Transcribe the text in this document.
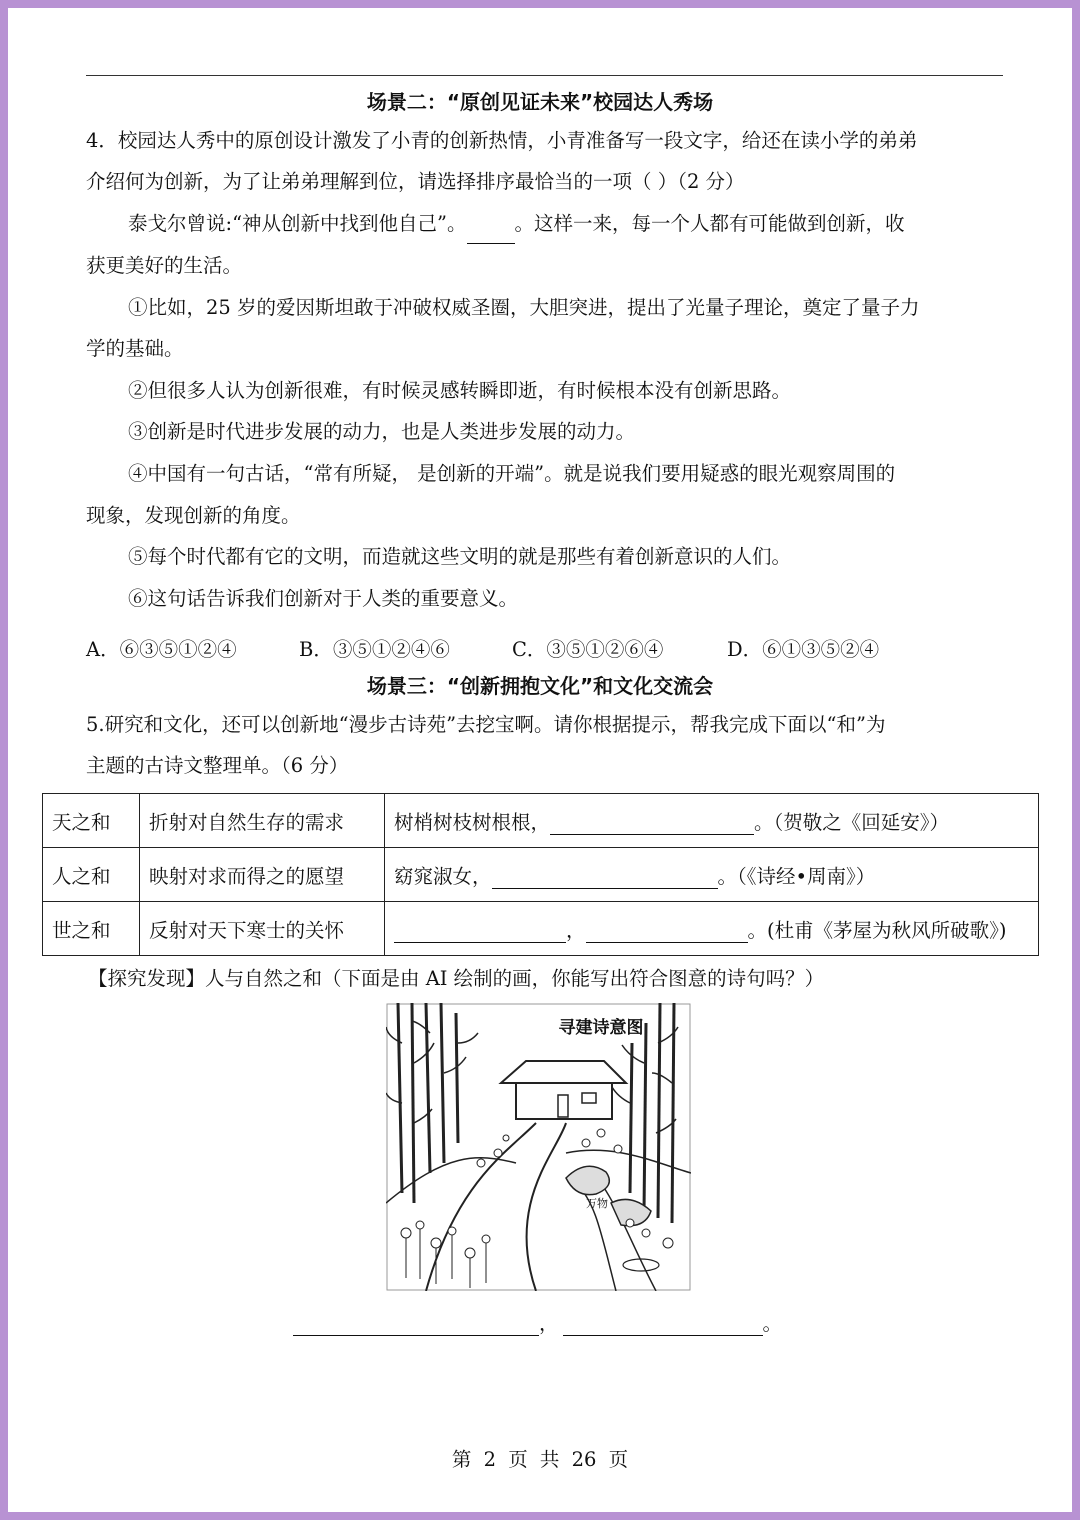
场景二：“原创见证未来”校园达人秀场
4．校园达人秀中的原创设计激发了小青的创新热情，小青准备写一段文字，给还在读小学的弟弟
介绍何为创新，为了让弟弟理解到位，请选择排序最恰当的一项（ ）（2 分）
泰戈尔曾说:“神从创新中找到他自己”。 。这样一来，每一个人都有可能做到创新，收
获更美好的生活。
①比如，25 岁的爱因斯坦敢于冲破权威圣圈，大胆突进，提出了光量子理论，奠定了量子力
学的基础。
②但很多人认为创新很难，有时候灵感转瞬即逝，有时候根本没有创新思路。
③创新是时代进步发展的动力，也是人类进步发展的动力。
④中国有一句古话，“常有所疑， 是创新的开端”。就是说我们要用疑惑的眼光观察周围的
现象，发现创新的角度。
⑤每个时代都有它的文明，而造就这些文明的就是那些有着创新意识的人们。
⑥这句话告诉我们创新对于人类的重要意义。
A．⑥③⑤①②④	B．③⑤①②④⑥	C．③⑤①②⑥④	D．⑥①③⑤②④
场景三：“创新拥抱文化”和文化交流会
5.研究和文化，还可以创新地“漫步古诗苑”去挖宝啊。请你根据提示，帮我完成下面以“和”为
主题的古诗文整理单。（6 分）
天之和	折射对自然生存的需求	树梢树枝树根根， 。（贺敬之《回延安》）
人之和	映射对求而得之的愿望	窈窕淑女， 。（《诗经•周南》）
世之和	反射对天下寒士的关怀	， 。(杜甫《茅屋为秋风所破歌》)
【探究发现】人与自然之和（下面是由 AI 绘制的画，你能写出符合图意的诗句吗？）
寻建诗意图
万物
，	。
第 2 页 共 26 页
